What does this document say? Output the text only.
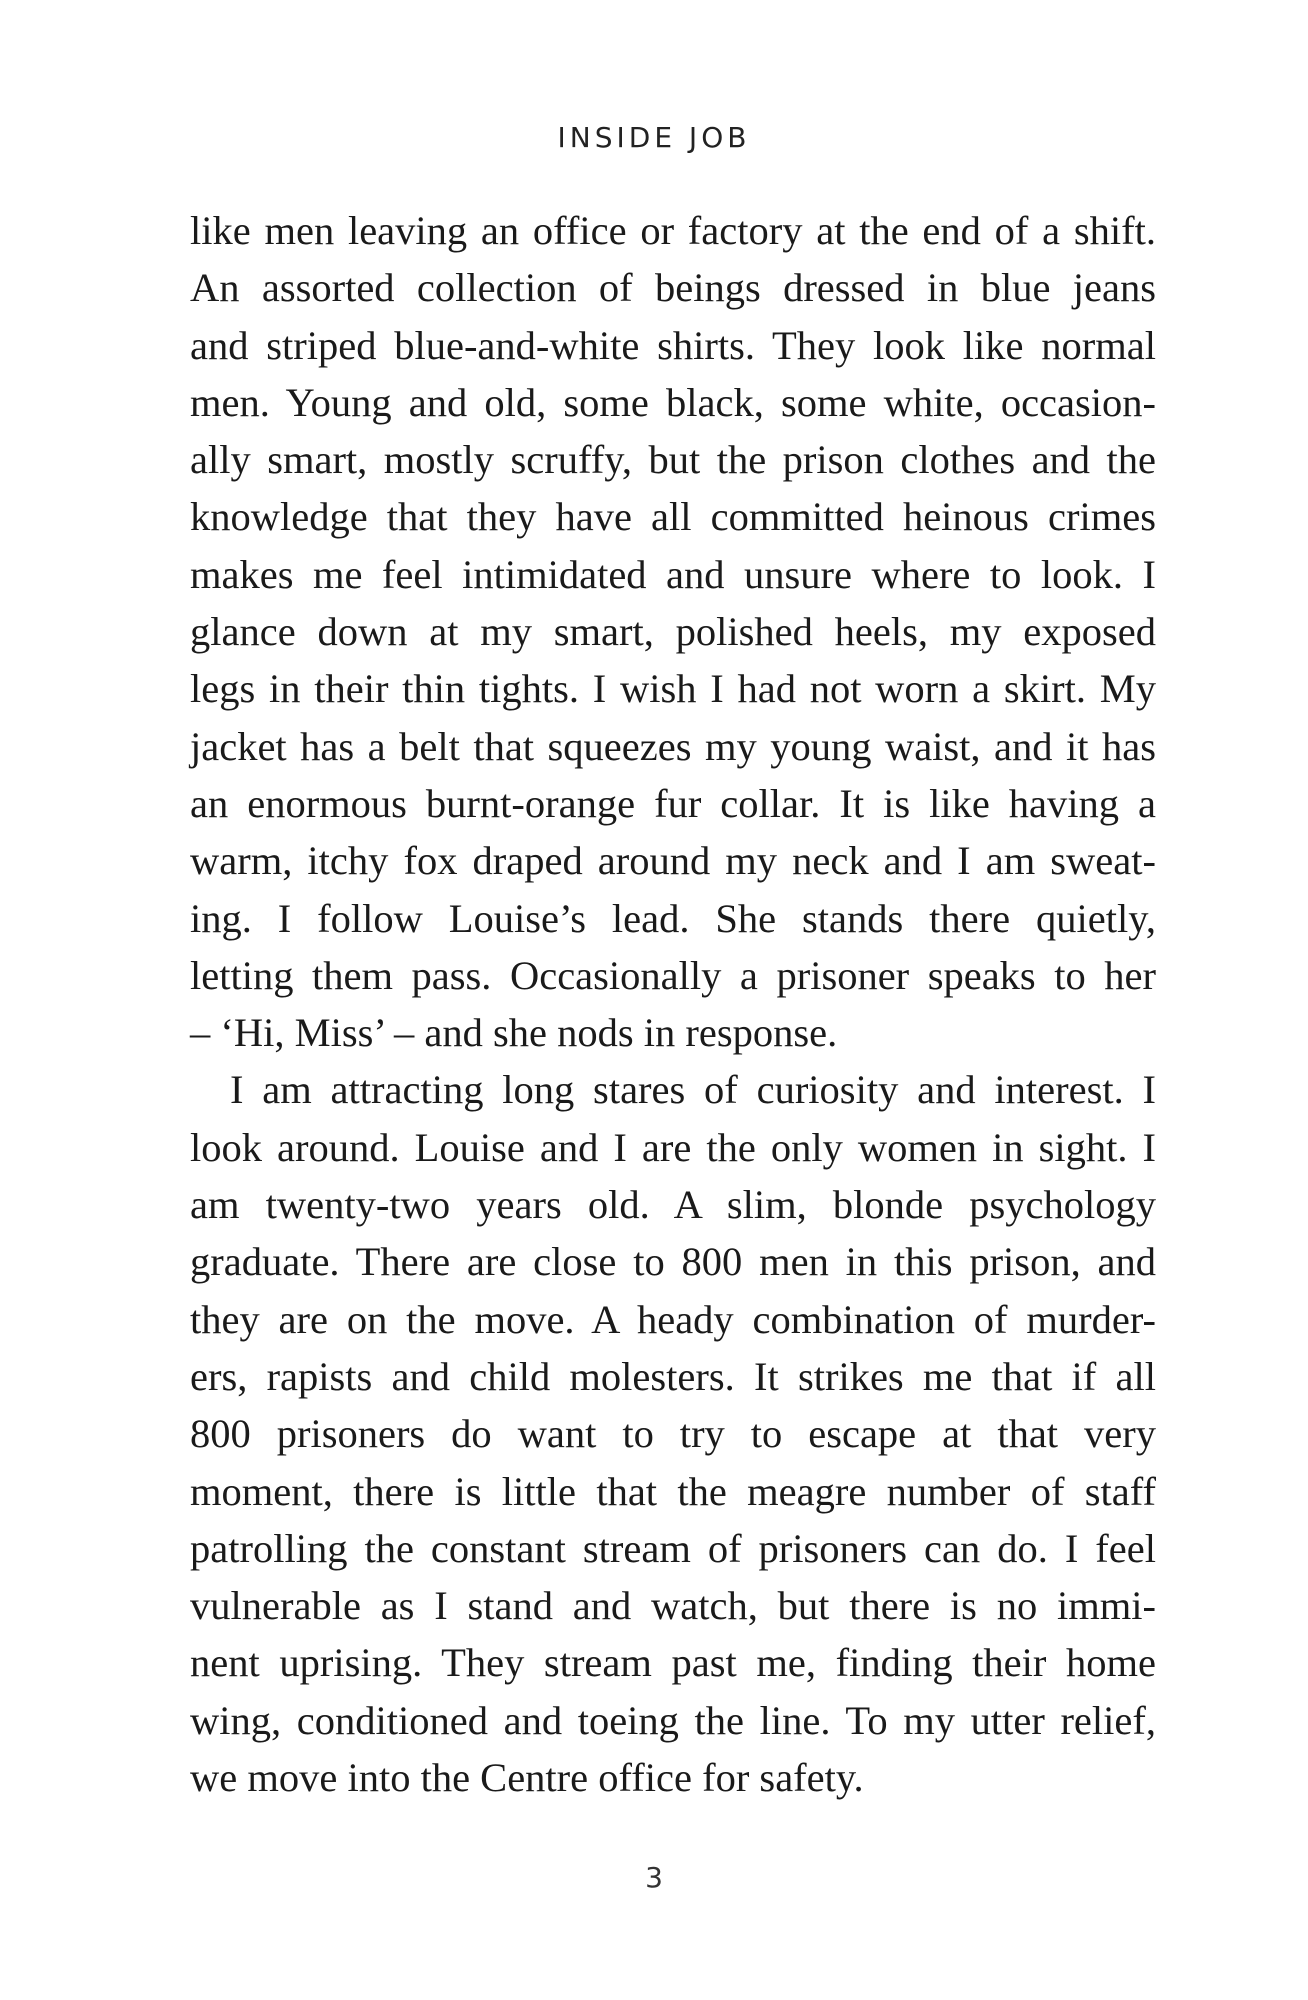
INSIDE JOB
like men leaving an office or factory at the end of a shift.
An assorted collection of beings dressed in blue jeans
and striped blue-and-white shirts. They look like normal
men. Young and old, some black, some white, occasion-
ally smart, mostly scruffy, but the prison clothes and the
knowledge that they have all committed heinous crimes
makes me feel intimidated and unsure where to look. I
glance down at my smart, polished heels, my exposed
legs in their thin tights. I wish I had not worn a skirt. My
jacket has a belt that squeezes my young waist, and it has
an enormous burnt-orange fur collar. It is like having a
warm, itchy fox draped around my neck and I am sweat-
ing. I follow Louise’s lead. She stands there quietly,
letting them pass. Occasionally a prisoner speaks to her
– ‘Hi, Miss’ – and she nods in response.
I am attracting long stares of curiosity and interest. I
look around. Louise and I are the only women in sight. I
am twenty-two years old. A slim, blonde psychology
graduate. There are close to 800 men in this prison, and
they are on the move. A heady combination of murder-
ers, rapists and child molesters. It strikes me that if all
800 prisoners do want to try to escape at that very
moment, there is little that the meagre number of staff
patrolling the constant stream of prisoners can do. I feel
vulnerable as I stand and watch, but there is no immi-
nent uprising. They stream past me, finding their home
wing, conditioned and toeing the line. To my utter relief,
we move into the Centre office for safety.
3
